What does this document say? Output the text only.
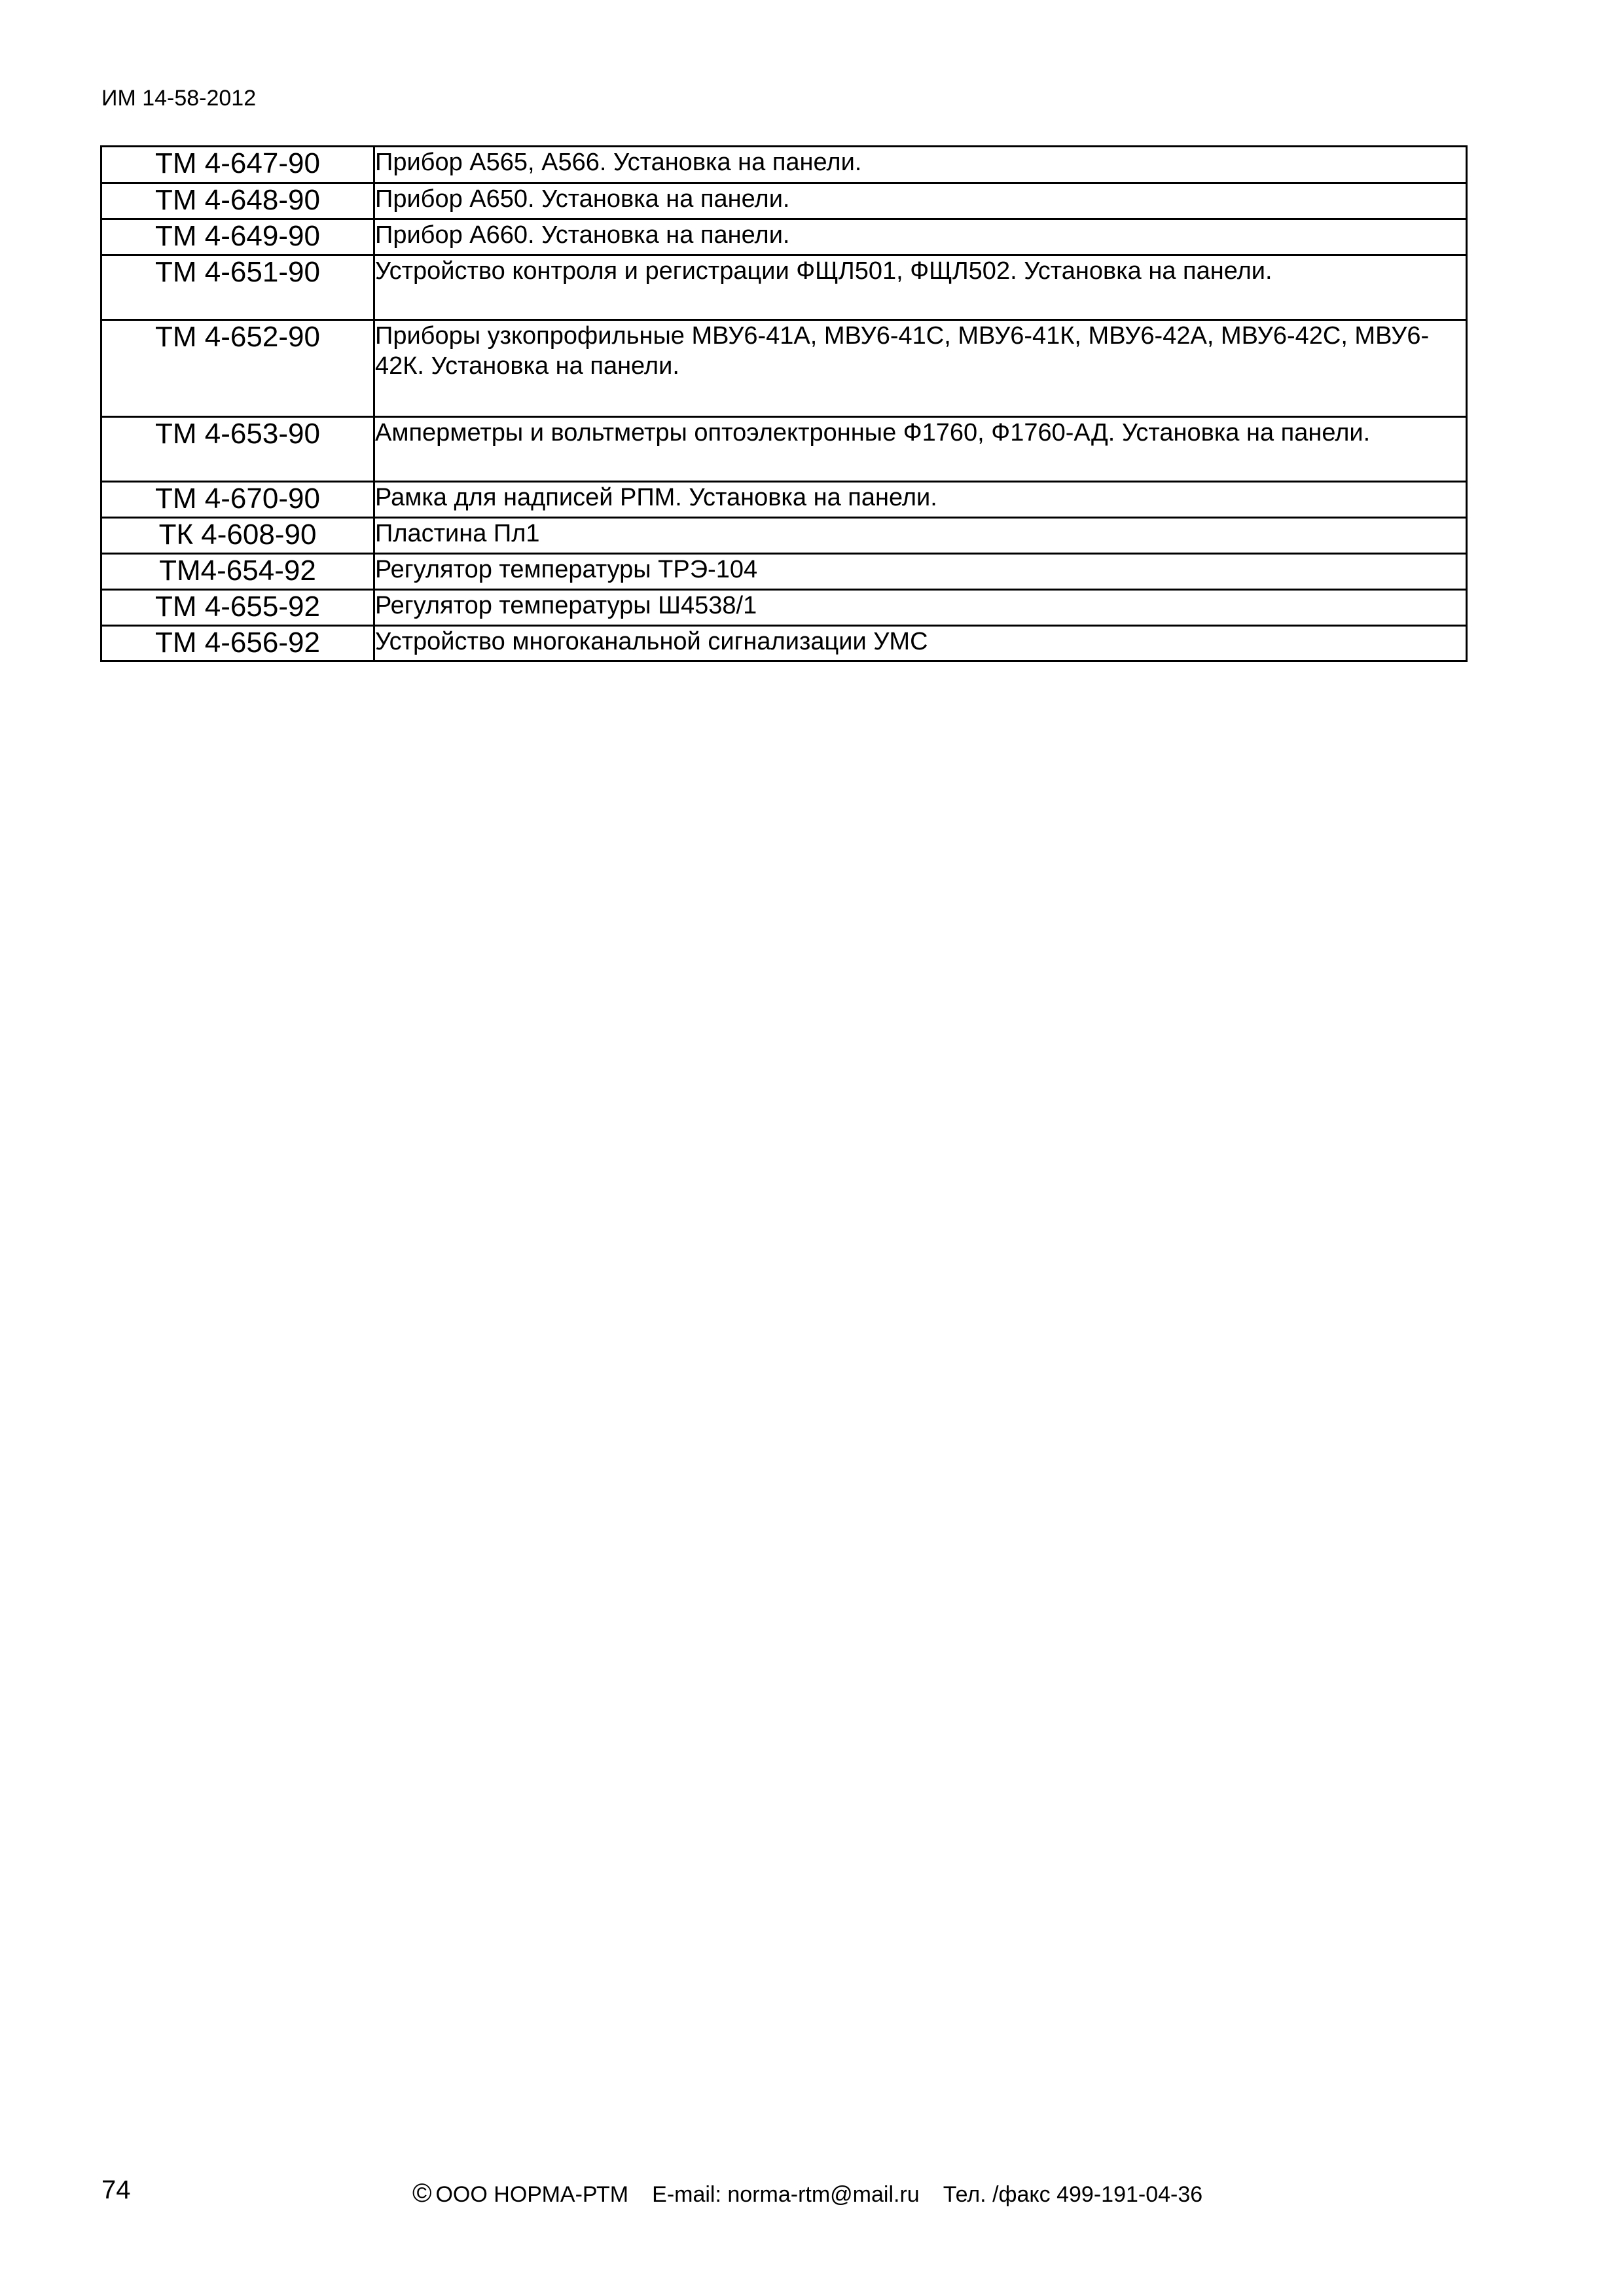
ИМ 14-58-2012
ТМ 4-647-90	Прибор А565, А566. Установка на панели.
ТМ 4-648-90	Прибор А650. Установка на панели.
ТМ 4-649-90	Прибор А660. Установка на панели.
ТМ 4-651-90	Устройство контроля и регистрации ФЩЛ501, ФЩЛ502. Установка на панели.
ТМ 4-652-90	Приборы узкопрофильные МВУ6-41А, МВУ6-41С, МВУ6-41К, МВУ6-42А, МВУ6-42С, МВУ6-42К. Установка на панели.
ТМ 4-653-90	Амперметры и вольтметры оптоэлектронные Ф1760, Ф1760-АД. Установка на панели.
ТМ 4-670-90	Рамка для надписей РПМ. Установка на панели.
ТК 4-608-90	Пластина Пл1
ТМ4-654-92	Регулятор температуры ТРЭ-104
ТМ 4-655-92	Регулятор температуры Ш4538/1
ТМ 4-656-92	Устройство многоканальной сигнализации УМС
74	© ООО НОРМА-РТМ E-mail: norma-rtm@mail.ru Тел. /факс 499-191-04-36
